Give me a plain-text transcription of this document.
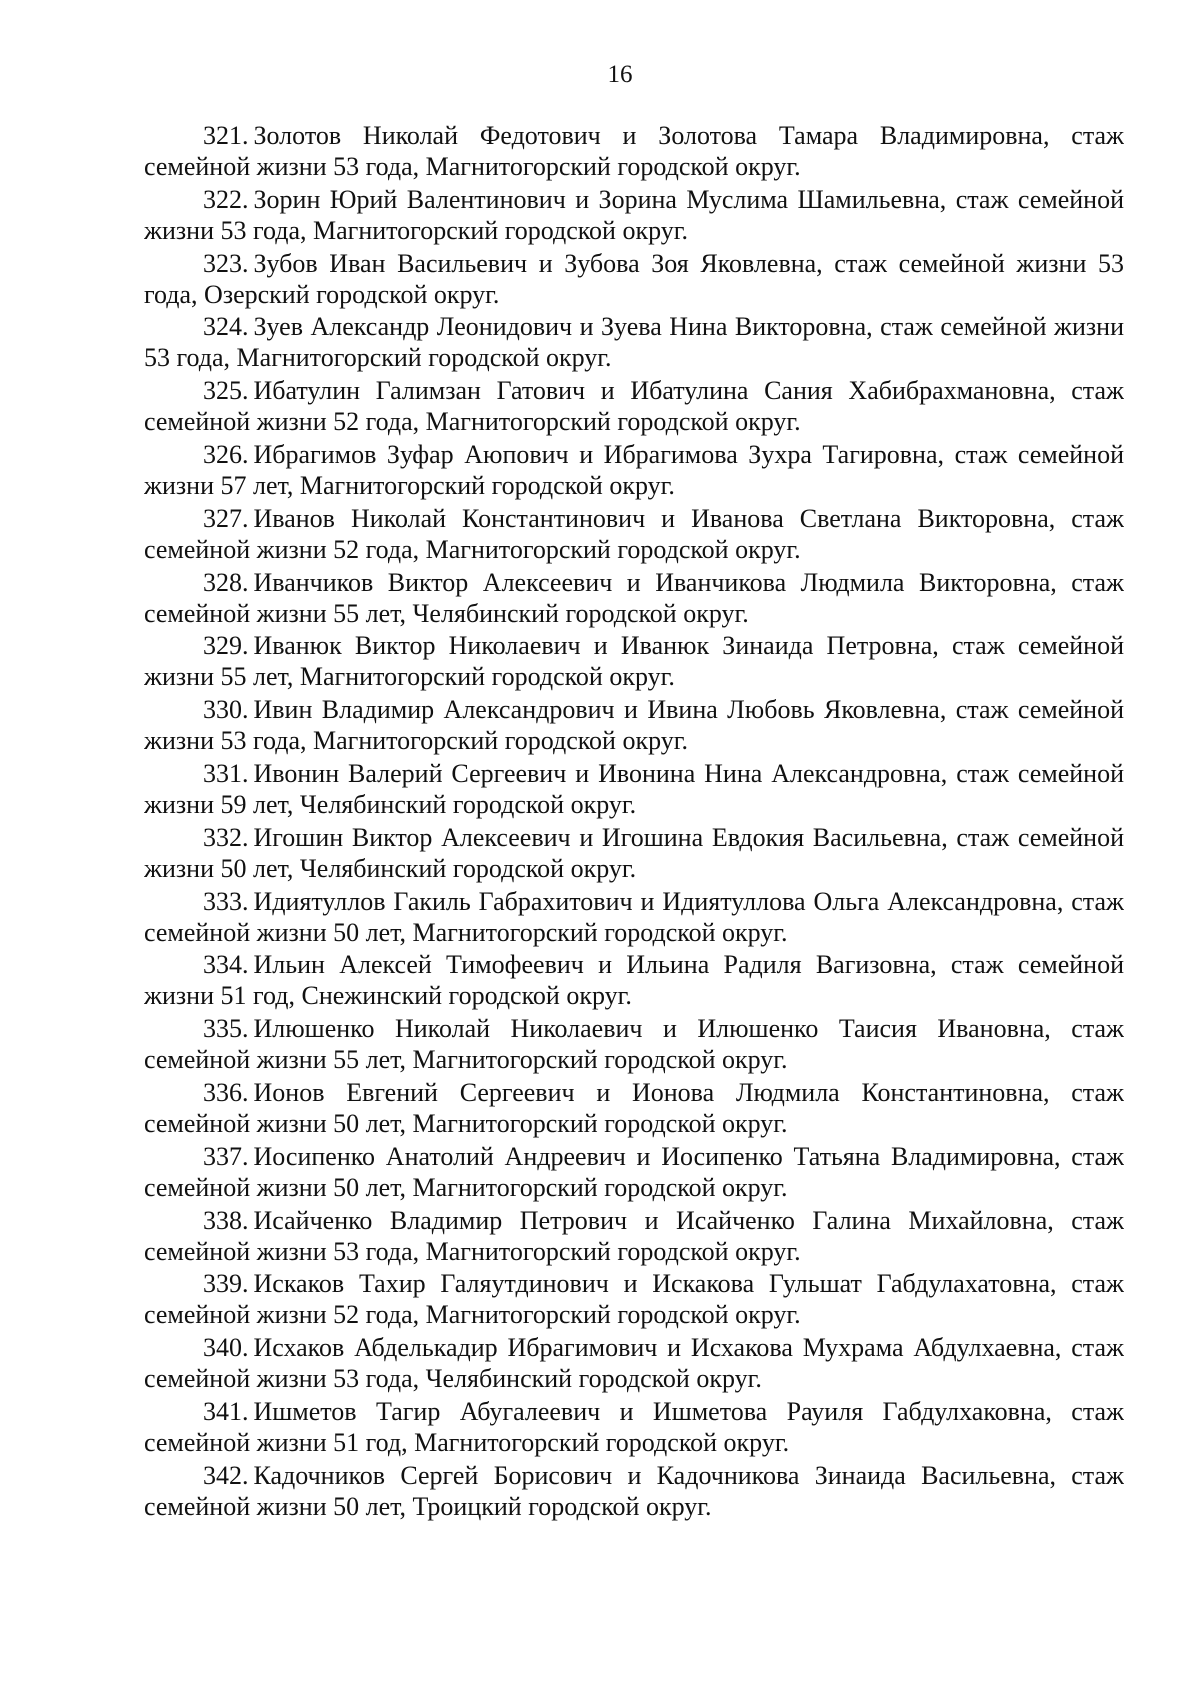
16

321. Золотов Николай Федотович и Золотова Тамара Владимировна, стаж семейной жизни 53 года, Магнитогорский городской округ.

322. Зорин Юрий Валентинович и Зорина Муслима Шамильевна, стаж семейной жизни 53 года, Магнитогорский городской округ.

323. Зубов Иван Васильевич и Зубова Зоя Яковлевна, стаж семейной жизни 53 года, Озерский городской округ.

324. Зуев Александр Леонидович и Зуева Нина Викторовна, стаж семейной жизни 53 года, Магнитогорский городской округ.

325. Ибатулин Галимзан Гатович и Ибатулина Сания Хабибрахмановна, стаж семейной жизни 52 года, Магнитогорский городской округ.

326. Ибрагимов Зуфар Аюпович и Ибрагимова Зухра Тагировна, стаж семейной жизни 57 лет, Магнитогорский городской округ.

327. Иванов Николай Константинович и Иванова Светлана Викторовна, стаж семейной жизни 52 года, Магнитогорский городской округ.

328. Иванчиков Виктор Алексеевич и Иванчикова Людмила Викторовна, стаж семейной жизни 55 лет, Челябинский городской округ.

329. Иванюк Виктор Николаевич и Иванюк Зинаида Петровна, стаж семейной жизни 55 лет, Магнитогорский городской округ.

330. Ивин Владимир Александрович и Ивина Любовь Яковлевна, стаж семейной жизни 53 года, Магнитогорский городской округ.

331. Ивонин Валерий Сергеевич и Ивонина Нина Александровна, стаж семейной жизни 59 лет, Челябинский городской округ.

332. Игошин Виктор Алексеевич и Игошина Евдокия Васильевна, стаж семейной жизни 50 лет, Челябинский городской округ.

333. Идиятуллов Гакиль Габрахитович и Идиятуллова Ольга Александровна, стаж семейной жизни 50 лет, Магнитогорский городской округ.

334. Ильин Алексей Тимофеевич и Ильина Радиля Вагизовна, стаж семейной жизни 51 год, Снежинский городской округ.

335. Илюшенко Николай Николаевич и Илюшенко Таисия Ивановна, стаж семейной жизни 55 лет, Магнитогорский городской округ.

336. Ионов Евгений Сергеевич и Ионова Людмила Константиновна, стаж семейной жизни 50 лет, Магнитогорский городской округ.

337. Иосипенко Анатолий Андреевич и Иосипенко Татьяна Владимировна, стаж семейной жизни 50 лет, Магнитогорский городской округ.

338. Исайченко Владимир Петрович и Исайченко Галина Михайловна, стаж семейной жизни 53 года, Магнитогорский городской округ.

339. Искаков Тахир Галяутдинович и Искакова Гульшат Габдулахатовна, стаж семейной жизни 52 года, Магнитогорский городской округ.

340. Исхаков Абделькадир Ибрагимович и Исхакова Мухрама Абдулхаевна, стаж семейной жизни 53 года, Челябинский городской округ.

341. Ишметов Тагир Абугалеевич и Ишметова Рауиля Габдулхаковна, стаж семейной жизни 51 год, Магнитогорский городской округ.

342. Кадочников Сергей Борисович и Кадочникова Зинаида Васильевна, стаж семейной жизни 50 лет, Троицкий городской округ.
